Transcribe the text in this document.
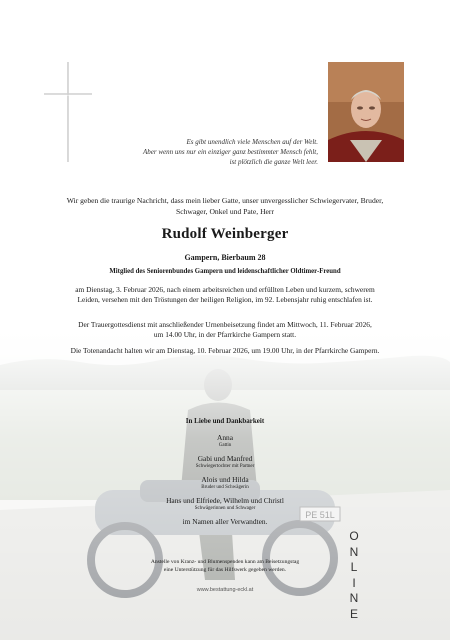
Es gibt unendlich viele Menschen auf der Welt.
Aber wenn uns nur ein einziger ganz bestimmter Mensch fehlt,
ist plötzlich die ganze Welt leer.
Wir geben die traurige Nachricht, dass mein lieber Gatte, unser unvergesslicher Schwiegervater, Bruder, Schwager, Onkel und Pate, Herr
Rudolf Weinberger
Gampern, Bierbaum 28
Mitglied des Seniorenbundes Gampern und leidenschaftlicher Oldtimer-Freund
am Dienstag, 3. Februar 2026, nach einem arbeitsreichen und erfüllten Leben und kurzem, schwerem Leiden, versehen mit den Tröstungen der heiligen Religion, im 92. Lebensjahr ruhig entschlafen ist.
Der Trauergottesdienst mit anschließender Urnenbeisetzung findet am Mittwoch, 11. Februar 2026, um 14.00 Uhr, in der Pfarrkirche Gampern statt.
Die Totenandacht halten wir am Dienstag, 10. Februar 2026, um 19.00 Uhr, in der Pfarrkirche Gampern.
In Liebe und Dankbarkeit
Anna
Gattin
Gabi und Manfred
Schwiegertochter mit Partner
Alois und Hilda
Bruder und Schwägerin
Hans und Elfriede, Wilhelm und Christl
Schwägerinnen und Schwager
im Namen aller Verwandten.
Anstelle von Kranz- und Blumenspenden kann am Beisetzungstag
eine Unterstützung für das Hilfswerk gegeben werden.
www.bestattung-eckl.at
O
N
L
I
N
E
